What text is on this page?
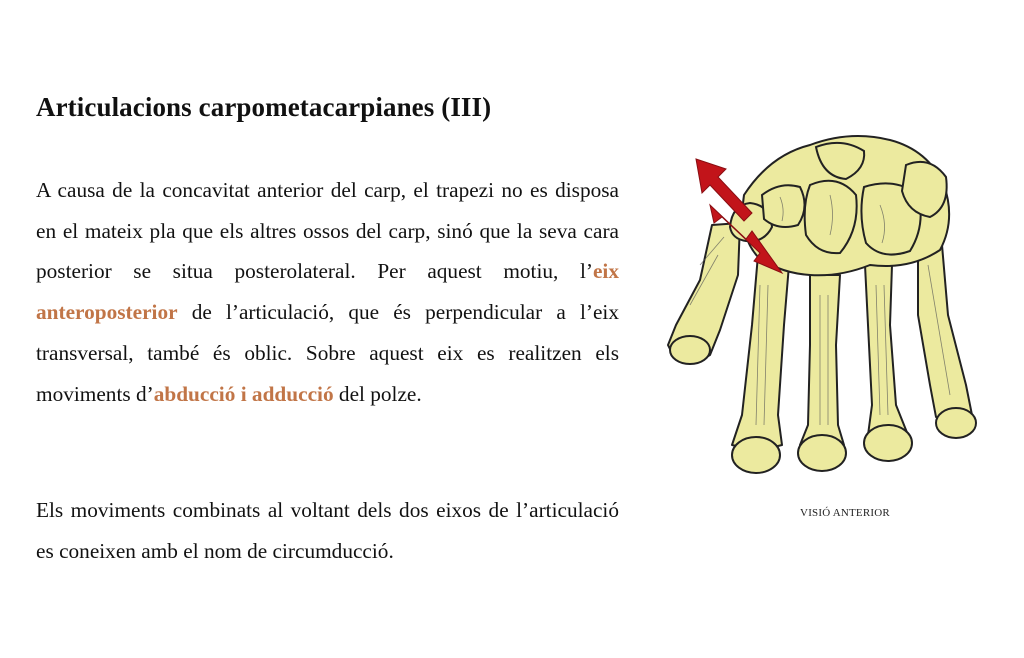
Articulacions carpometacarpianes (III)

A causa de la concavitat anterior del carp, el trapezi no es disposa en el mateix pla que els altres ossos del carp, sinó que la seva cara posterior se situa posterolateral. Per aquest motiu, l’eix anteroposterior de l’articulació, que és perpendicular a l’eix transversal, també és oblic. Sobre aquest eix es realitzen els moviments d’abducció i adducció del polze.

Els moviments combinats al voltant dels dos eixos de l’articulació es coneixen amb el nom de circumducció.

VISIÓ ANTERIOR
